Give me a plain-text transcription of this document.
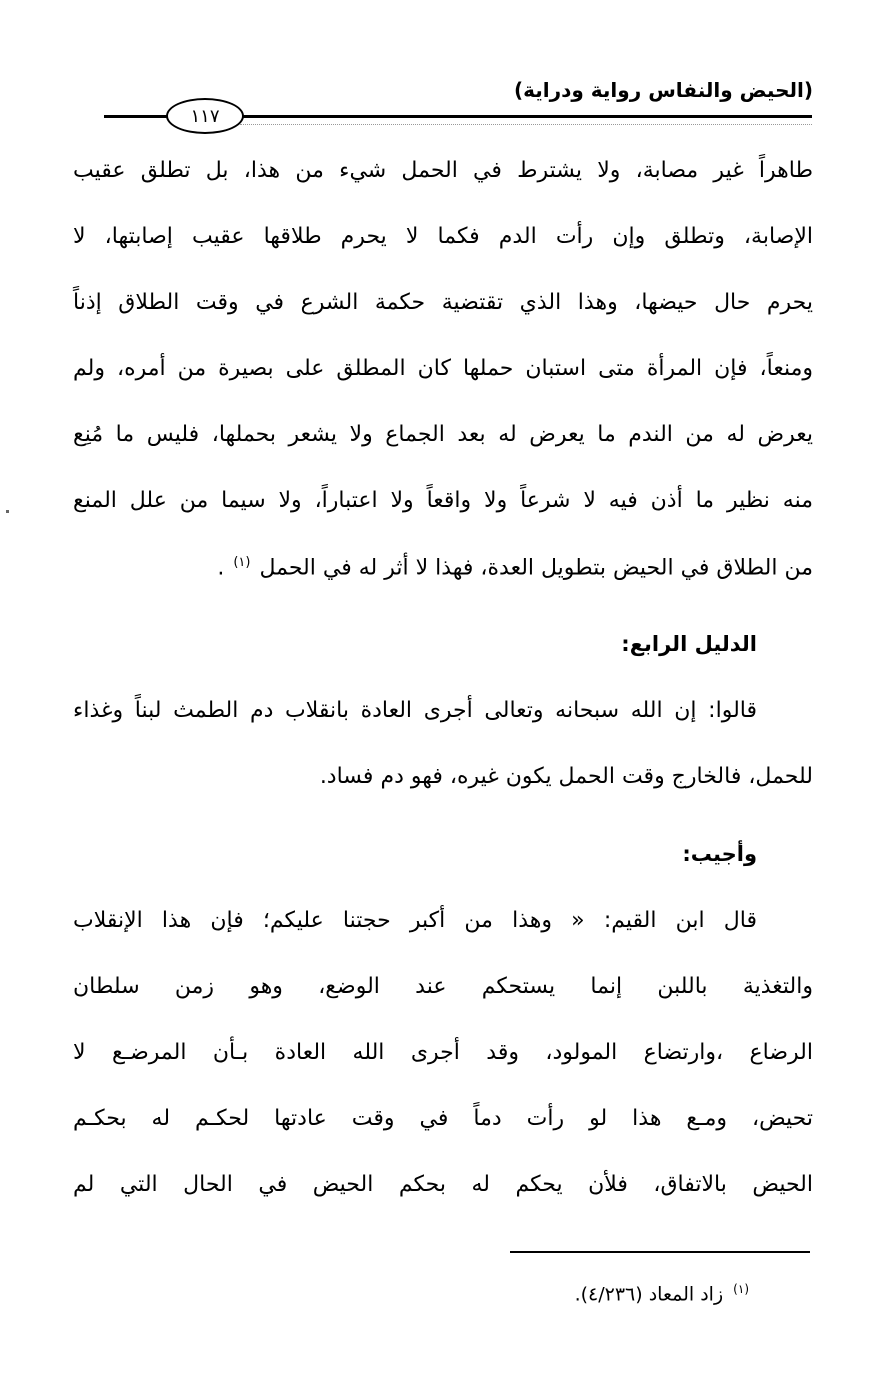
(الحيض والنفاس رواية ودراية)
١١٧
طاهراً غير مصابة، ولا يشترط في الحمل شيء من هذا، بل تطلق عقيب
الإصابة، وتطلق وإن رأت الدم فكما لا يحرم طلاقها عقيب إصابتها، لا
يحرم حال حيضها، وهذا الذي تقتضية حكمة الشرع في وقت الطلاق إذناً
ومنعاً، فإن المرأة متى استبان حملها كان المطلق على بصيرة من أمره، ولم
يعرض له من الندم ما يعرض له بعد الجماع ولا يشعر بحملها، فليس ما مُنِع
منه نظير ما أذن فيه لا شرعاً ولا واقعاً ولا اعتباراً، ولا سيما من علل المنع
من الطلاق في الحيض بتطويل العدة، فهذا لا أثر له في الحمل $^{(١)}$ .
الدليل الرابع:
قالوا: إن الله سبحانه وتعالى أجرى العادة بانقلاب دم الطمث لبناً وغذاء
للحمل، فالخارج وقت الحمل يكون غيره، فهو دم فساد.
وأجيب:
قال ابن القيم: « وهذا من أكبر حجتنا عليكم؛ فإن هذا الإنقلاب
والتغذية باللبن إنما يستحكم عند الوضع، وهو زمن سلطان
الرضاع ،وارتضاع المولود، وقد أجرى الله العادة بـأن المرضـع لا
تحيض، ومـع هذا لو رأت دماً في وقت عادتها لحكـم له بحكـم
الحيض بالاتفاق، فلأن يحكم له بحكم الحيض في الحال التي لم
$^{(١)}$ زاد المعاد (٤/٢٣٦).
